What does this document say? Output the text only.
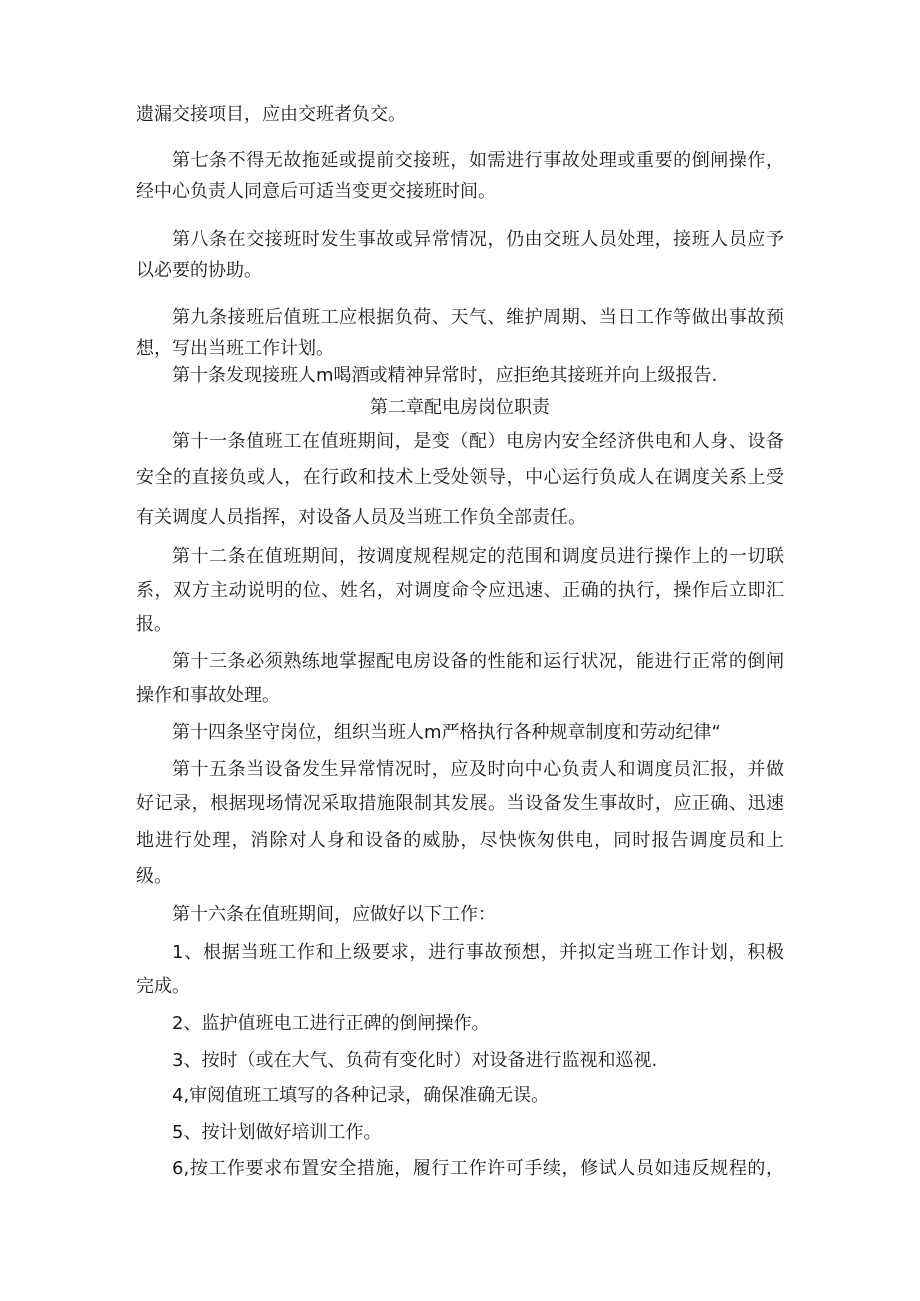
遗漏交接项目，应由交班者负交。
第七条不得无故拖延或提前交接班，如需进行事故处理或重要的倒闸操作，
经中心负责人同意后可适当变更交接班时间。
第八条在交接班时发生事故或异常情况，仍由交班人员处理，接班人员应予
以必要的协助。
第九条接班后值班工应根据负荷、天气、维护周期、当日工作等做出事故预
想，写出当班工作计划。
第十条发现接班人m喝酒或精神异常时，应拒绝其接班并向上级报告.
第二章配电房岗位职责
第十一条值班工在值班期间，是变（配）电房内安全经济供电和人身、设备
安全的直接负或人，在行政和技术上受处领导，中心运行负成人在调度关系上受
有关调度人员指挥，对设备人员及当班工作负全部责任。
第十二条在值班期间，按调度规程规定的范围和调度员进行操作上的一切联
系，双方主动说明的位、姓名，对调度命令应迅速、正确的执行，操作后立即汇
报。
第十三条必须熟练地掌握配电房设备的性能和运行状况，能进行正常的倒闸
操作和事故处理。
第十四条坚守岗位，组织当班人m严格执行各种规章制度和劳动纪律“
第十五条当设备发生异常情况时，应及时向中心负责人和调度员汇报，并做
好记录，根据现场情况采取措施限制其发展。当设备发生事故时，应正确、迅速
地进行处理，消除对人身和设备的威胁，尽快恢匆供电，同时报告调度员和上
级。
第十六条在值班期间，应做好以下工作：
1、根据当班工作和上级要求，进行事故预想，并拟定当班工作计划，积极
完成。
2、监护值班电工进行正碑的倒闸操作。
3、按时（或在大气、负荷有变化时）对设备进行监视和巡视.
4,审阅值班工填写的各种记录，确保准确无误。
5、按计划做好培训工作。
6,按工作要求布置安全措施，履行工作许可手续，修试人员如违反规程的，
